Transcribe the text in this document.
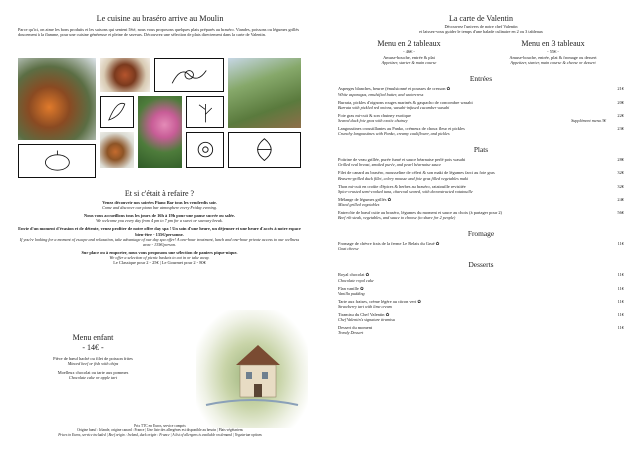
Le cuisine au braséro arrive au Moulin

Parce qu'ici, on aime les bons produits et les saisons qui sentent l'été, nous vous proposons quelques plats préparés au braséro. Viandes, poissons ou légumes grillés doucement à la flamme, pour une cuisine généreuse et pleine de saveurs. Découvrez une sélection de plats directement dans la carte de Valentin.

Et si c'était à refaire ?

Venez découvrir nos soirées Piano Bar tous les vendredis soir.

Come and discover our piano bar atmosphere every Friday evening.

Nous vous accueillons tous les jours de 16h à 19h pour une pause sucrée ou salée.

We welcome you every day from 4 pm to 7 pm for a sweet or savoury break.

Envie d'un moment d'évasion et de détente, venez profiter de notre offre day spa ! Un soin d'une heure, un déjeuner et une heure d'accès à notre espace bien-être - 135€/personne.

If you're looking for a moment of escape and relaxation, take advantage of our day spa offer! A one-hour treatment, lunch and one-hour private access to our wellness area - 135€/person.

Sur place ou à emporter, nous vous proposons une sélection de paniers pique-nique.

We offer a selection of picnic baskets to eat in or take away.

Le Classique pour 2 - 25€ | Le Gourmet pour 2 - 80€

Menu enfant

- 14€ -

Pièce de bœuf haché ou filet de poisson frites

Minced beef or fish with chips

Moelleux chocolat ou tarte aux pommes

Chocolate cake or apple tart

Prix TTC en Euros, service compris
Origine bœuf : Irlande, origine canard : France | Une liste des allergènes est disponible au besoin | Plats végétariens
Prices in Euros, service included | Beef origin : Ireland, duck origin : France | A list of allergens is available on demand | Vegetarian options

La carte de Valentin

Découvrez l'univers de notre chef Valentin

et laissez-vous guider le temps d'une balade culinaire en 2 ou 3 tableaux

Menu en 2 tableaux

- 46€ -

Amuse-bouche, entrée & plat

Appetizer, starter & main course

Menu en 3 tableaux

- 55€ -

Amuse-bouche, entrée, plat & fromage ou dessert

Appetizer, starter, main course & cheese or dessert

Entrées

Asperges blanches, beurre (émulsionné et pousses de cresson ✿
White asparagus, emulsified butter, and watercress
21€
Burrata, pickles d'oignons rouges marinés & gaspacho de concombre wasabi
Burrata with pickled red onions, wasabi-infused cucumber wasabi
20€
Foie gras mi-cuit & son chutney exotique
Seared duck foie gras with exotic chutney	Supplément menu 3€
22€
Langoustines croustillantes au Panko, crémeux de choux fleur et pickles
Crunchy langoustines with Panko, creamy cauliflower, and pickles
23€

Plats

Poitrine de veau grillée, purée fumé et sauce béarnaise perlé pois wasabi
Grilled veal breast, smoked purée, and pearl béarnaise sauce
28€
Filet de canard au braséro, mousseline de céleri & son maki de légumes farci au foie gras
Brasero-grilled duck fillet, celery mousse and foie gras filled vegetables maki
32€
Thon mi-cuit en croûte d'épices & herbes au braséro, ratatouille revisitée
Spice-crusted semi-cooked tuna, charcoal seared, with deconstructed ratatouille
32€
Mélange de légumes grillés ✿
Mixed grilled vegetables
24€
Entrecôte de bœuf cuite au braséro, légumes du moment et sauce au choix (à partager pour 2)
Beef rib steak, vegetables, and sauce to choose (to share for 2 people)
56€

Fromage

Fromage de chèvre frais de la ferme Le Relais du Grué ✿
Goat cheese
11€

Desserts

Royal chocolat ✿
Chocolate royal cake
11€
Flan vanille ✿
Vanilla pudding
11€
Tarte aux fraises, crème légère au citron vert ✿
Strawberry tart with lime cream
11€
Tiramisu du Chef Valentin ✿
Chef Valentin's signature tiramisu
11€
Dessert du moment
Trendy Dessert
11€
